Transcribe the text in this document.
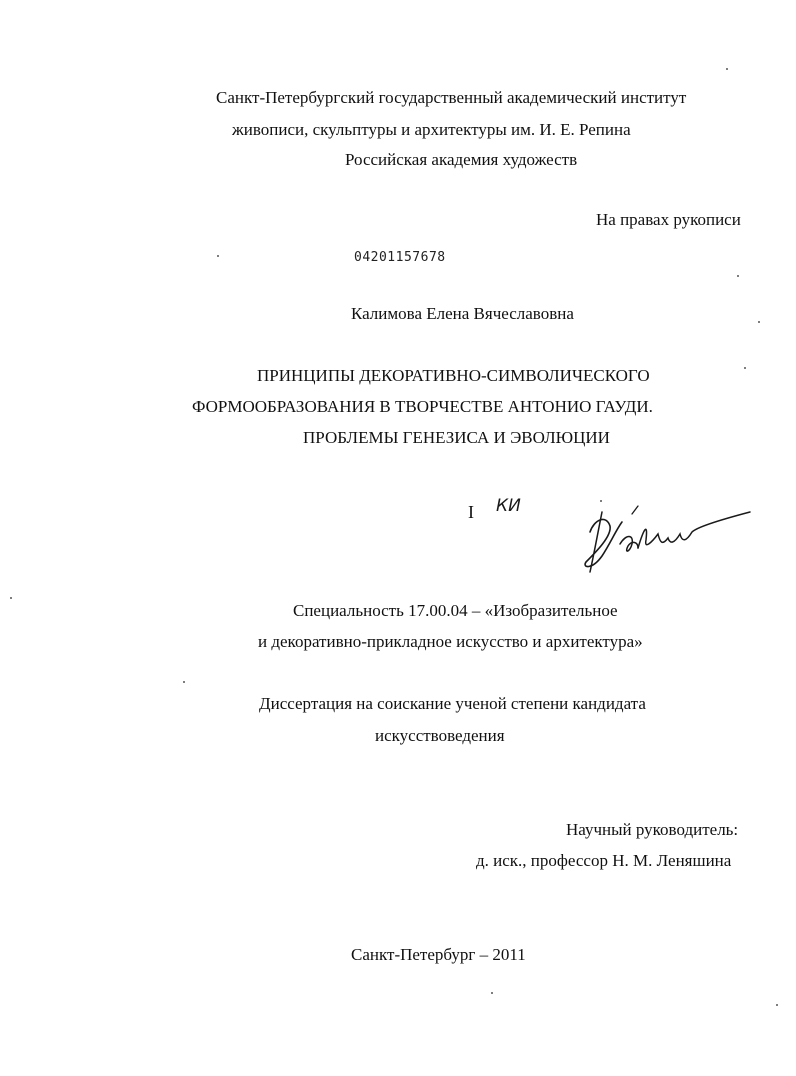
Санкт-Петербургский государственный академический институт
живописи, скульптуры и архитектуры им. И. Е. Репина
Российская академия художеств
На правах рукописи
04201157678
Калимова Елена Вячеславовна
ПРИНЦИПЫ ДЕКОРАТИВНО-СИМВОЛИЧЕСКОГО
ФОРМООБРАЗОВАНИЯ В ТВОРЧЕСТВЕ АНТОНИО ГАУДИ.
ПРОБЛЕМЫ ГЕНЕЗИСА И ЭВОЛЮЦИИ
I КИ
Специальность 17.00.04 – «Изобразительное
и декоративно-прикладное искусство и архитектура»
Диссертация на соискание ученой степени кандидата
искусствоведения
Научный руководитель:
д. иск., профессор Н. М. Леняшина
Санкт-Петербург – 2011
